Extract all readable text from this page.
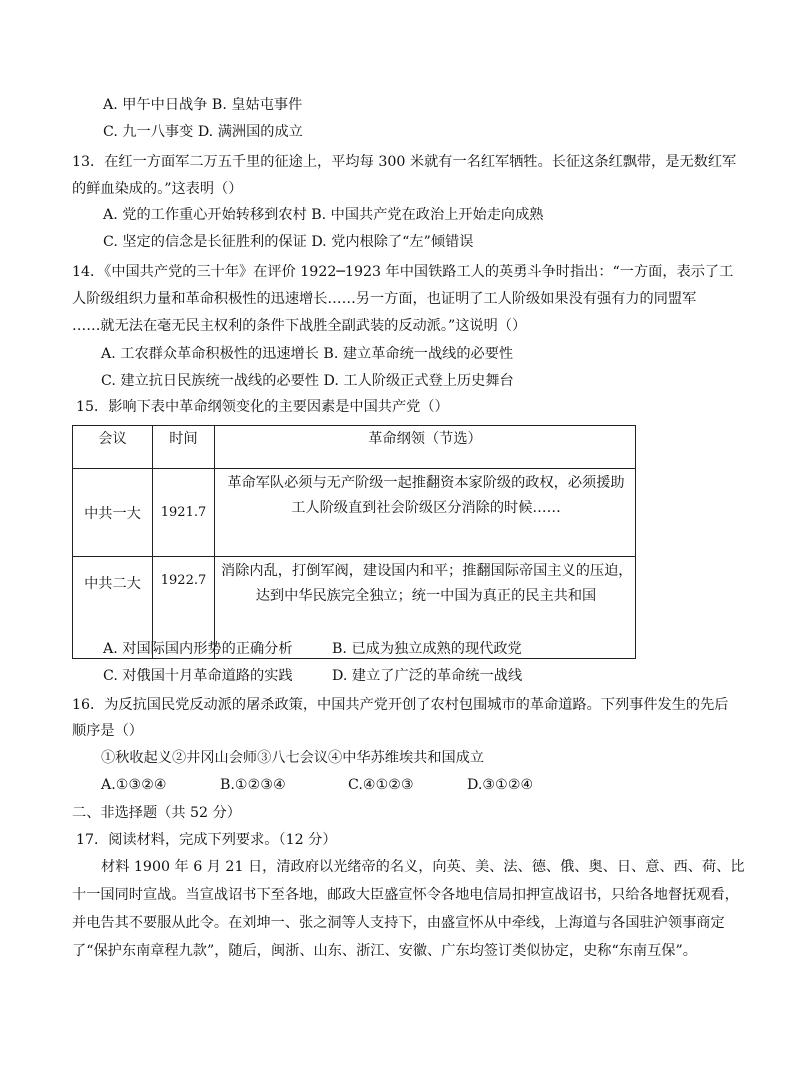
A. 甲午中日战争 B. 皇姑屯事件
C. 九一八事变 D. 满洲国的成立
13．在红一方面军二万五千里的征途上，平均每 300 米就有一名红军牺牲。长征这条红飘带，是无数红军
的鲜血染成的。”这表明（）
A. 党的工作重心开始转移到农村 B. 中国共产党在政治上开始走向成熟
C. 坚定的信念是长征胜利的保证 D. 党内根除了“左”倾错误
14．《中国共产党的三十年》在评价 1922─1923 年中国铁路工人的英勇斗争时指出：“一方面，表示了工
人阶级组织力量和革命积极性的迅速增长……另一方面，也证明了工人阶级如果没有强有力的同盟军
……就无法在毫无民主权利的条件下战胜全副武装的反动派。”这说明（）
A. 工农群众革命积极性的迅速增长 B. 建立革命统一战线的必要性
C. 建立抗日民族统一战线的必要性 D. 工人阶级正式登上历史舞台
15．影响下表中革命纲领变化的主要因素是中国共产党（）
会议	时间	革命纲领（节选）
中共一大	1921.7	革命军队必须与无产阶级一起推翻资本家阶级的政权，必须援助
工人阶级直到社会阶级区分消除的时候……

中共二大	1922.7	消除内乱，打倒军阀，建设国内和平；推翻国际帝国主义的压迫，
达到中华民族完全独立；统一中国为真正的民主共和国
A. 对国际国内形势的正确分析	B. 已成为独立成熟的现代政党
C. 对俄国十月革命道路的实践	D. 建立了广泛的革命统一战线
16．为反抗国民党反动派的屠杀政策，中国共产党开创了农村包围城市的革命道路。下列事件发生的先后
顺序是（）
①秋收起义②井冈山会师③八七会议④中华苏维埃共和国成立
A.①③②④	B.①②③④	C.④①②③	D.③①②④
二、非选择题（共 52 分）
17．阅读材料，完成下列要求。（12 分）
材料 1900 年 6 月 21 日，清政府以光绪帝的名义，向英、美、法、德、俄、奥、日、意、西、荷、比
十一国同时宣战。当宣战诏书下至各地，邮政大臣盛宣怀令各地电信局扣押宣战诏书，只给各地督抚观看，
并电告其不要服从此令。在刘坤一、张之洞等人支持下，由盛宣怀从中牵线，上海道与各国驻沪领事商定
了“保护东南章程九款”，随后，闽浙、山东、浙江、安徽、广东均签订类似协定，史称“东南互保”。
